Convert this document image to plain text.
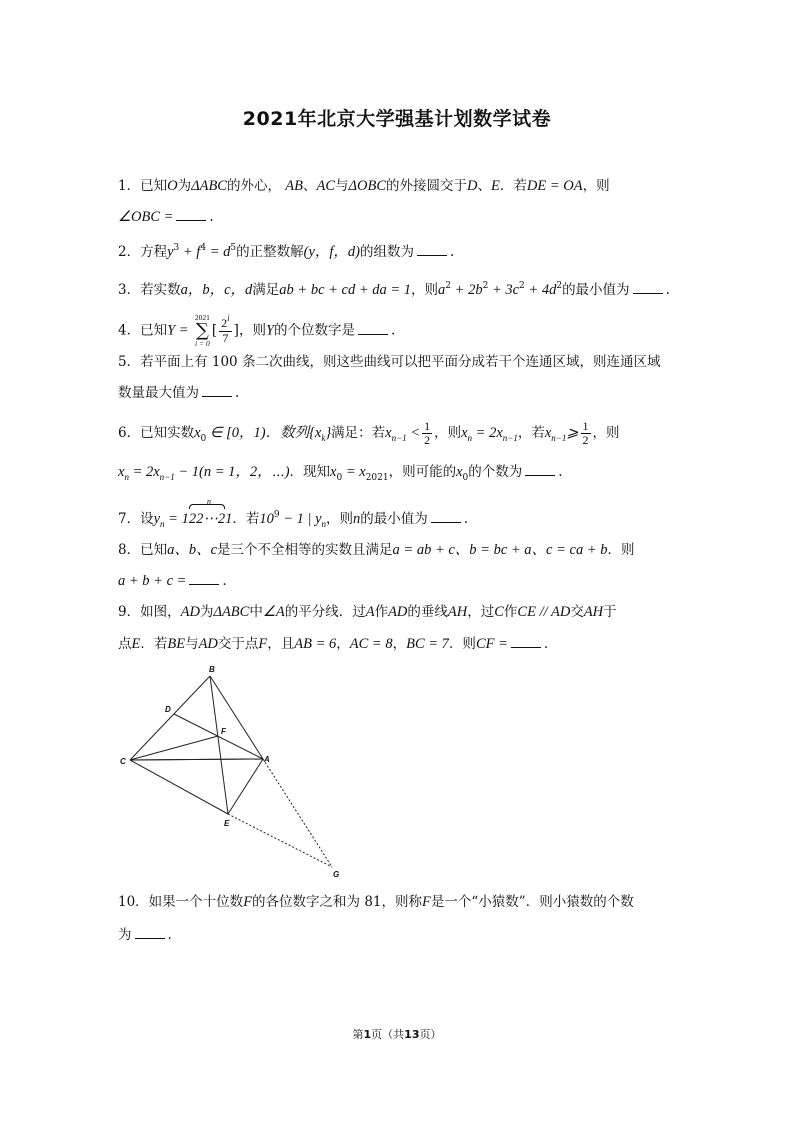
2021年北京大学强基计划数学试卷
1．已知O为ΔABC的外心， AB、AC与ΔOBC的外接圆交于D、E．若DE = OA，则
∠OBC =	.
2．方程$y^3 + f^4 = d^5$的正整数解(y，f，d)的组数为	.
3．若实数a，b，c，d满足ab + bc + cd + da = 1，则$a^2 + 2b^2 + 3c^2 + 4d^2$的最小值为	.
4．已知Y =
2021
∑
i = 0
[ $\frac{2^i}{7}$ ]，则Y的个位数字是	.
5．若平面上有 100 条二次曲线，则这些曲线可以把平面分成若干个连通区域，则连通区域
数量最大值为	.
6．已知实数$x_0$ ∈ [0，1)．数列$\{x_k\}$满足：若$x_{n-1} < \frac{1}{2}$ ，则$x_n = 2x_{n-1}$，若$x_{n-1}⩾ \frac{1}{2}$ ，则
$x_n = 2x_{n-1} - 1(n = 1$，2，⋯)．现知$x_0 = x_{2021}$，则可能的$x_0$的个数为	.
7．设$y_n = 1$
n
22⋯21．若$10^9 - 1$ | $y_n$，则n的最小值为	.
8．已知a、b、c是三个不全相等的实数且满足a = ab + c、b = bc + a、c = ca + b．则
a + b + c =	.
9．如图，AD为ΔABC中∠A的平分线．过A作AD的垂线AH，过C作CE // AD交AH于
点E．若BE与AD交于点F，且AB = 6，AC = 8，BC = 7．则CF =	.
B
D
F
C	A
E
G
10．如果一个十位数F的各位数字之和为 81，则称F是一个“小猿数”．则小猿数的个数
为	.
第1页（共13页）
